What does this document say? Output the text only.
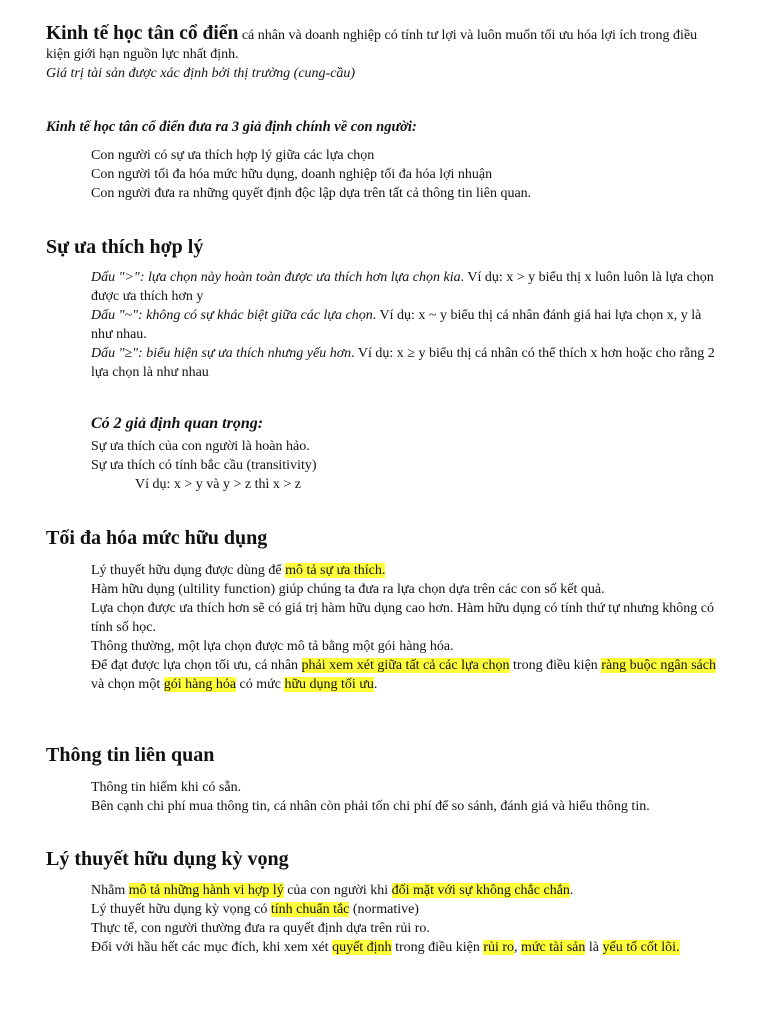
Kinh tế học tân cổ điển cá nhân và doanh nghiệp có tính tư lợi và luôn muốn tối ưu hóa lợi ích trong điều kiện giới hạn nguồn lực nhất định.

Giá trị tài sản được xác định bởi thị trường (cung-cầu)

Kinh tế học tân cổ điển đưa ra 3 giả định chính về con người:

Con người có sự ưa thích hợp lý giữa các lựa chọn

Con người tối đa hóa mức hữu dụng, doanh nghiệp tối đa hóa lợi nhuận

Con người đưa ra những quyết định độc lập dựa trên tất cả thông tin liên quan.

Sự ưa thích hợp lý

Dấu ">": lựa chọn này hoàn toàn được ưa thích hơn lựa chọn kia. Ví dụ: x > y biểu thị x luôn luôn là lựa chọn được ưa thích hơn y

Dấu "~": không có sự khác biệt giữa các lựa chọn. Ví dụ: x ~ y biểu thị cá nhân đánh giá hai lựa chọn x, y là như nhau.

Dấu "≥": biểu hiện sự ưa thích nhưng yếu hơn. Ví dụ: x ≥ y biểu thị cá nhân có thể thích x hơn hoặc cho rằng 2 lựa chọn là như nhau

Có 2 giả định quan trọng:

Sự ưa thích của con người là hoàn hảo.

Sự ưa thích có tính bắc cầu (transitivity)

Ví dụ: x > y và y > z thì x > z

Tối đa hóa mức hữu dụng

Lý thuyết hữu dụng được dùng để mô tả sự ưa thích.

Hàm hữu dụng (ultility function) giúp chúng ta đưa ra lựa chọn dựa trên các con số kết quả.

Lựa chọn được ưa thích hơn sẽ có giá trị hàm hữu dụng cao hơn. Hàm hữu dụng có tính thứ tự nhưng không có tính số học.

Thông thường, một lựa chọn được mô tả bằng một gói hàng hóa.

Để đạt được lựa chọn tối ưu, cá nhân phải xem xét giữa tất cả các lựa chọn trong điều kiện ràng buộc ngân sách và chọn một gói hàng hóa có mức hữu dụng tối ưu.

Thông tin liên quan

Thông tin hiếm khi có sẵn.

Bên cạnh chi phí mua thông tin, cá nhân còn phải tốn chi phí để so sánh, đánh giá và hiểu thông tin.

Lý thuyết hữu dụng kỳ vọng

Nhằm mô tả những hành vi hợp lý của con người khi đối mặt với sự không chắc chắn.

Lý thuyết hữu dụng kỳ vọng có tính chuẩn tắc (normative)

Thực tế, con người thường đưa ra quyết định dựa trên rủi ro.

Đối với hầu hết các mục đích, khi xem xét quyết định trong điều kiện rủi ro, mức tài sản là yếu tố cốt lõi.
